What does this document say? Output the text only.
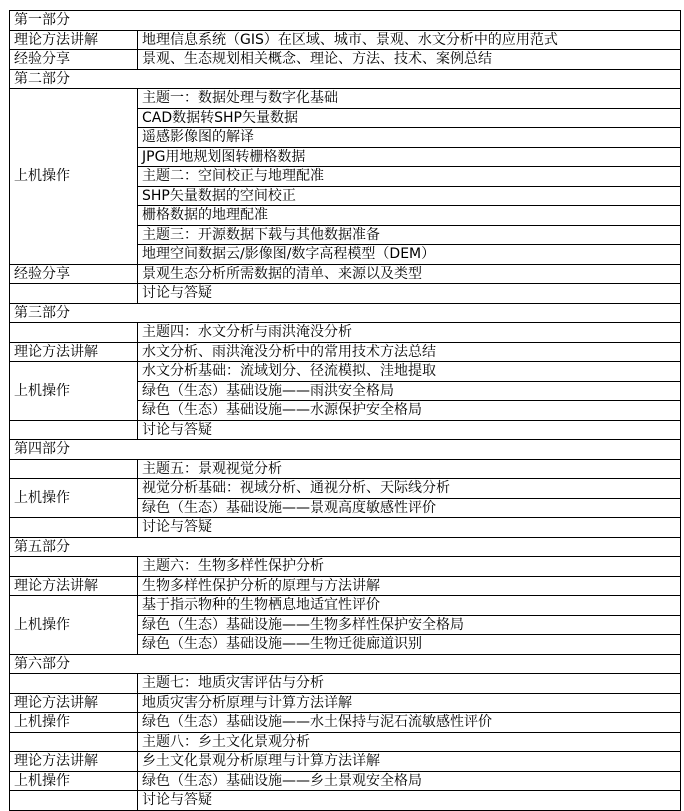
第一部分	
理论方法讲解	地理信息系统（GIS）在区域、城市、景观、水文分析中的应用范式
经验分享	景观、生态规划相关概念、理论、方法、技术、案例总结
第二部分	
上机操作	主题一：数据处理与数字化基础
	CAD数据转SHP矢量数据
	遥感影像图的解译
	JPG用地规划图转栅格数据
	主题二：空间校正与地理配准
	SHP矢量数据的空间校正
	栅格数据的地理配准
	主题三：开源数据下载与其他数据准备
	地理空间数据云/影像图/数字高程模型（DEM）
经验分享	景观生态分析所需数据的清单、来源以及类型
	讨论与答疑
第三部分	
	主题四：水文分析与雨洪淹没分析
理论方法讲解	水文分析、雨洪淹没分析中的常用技术方法总结
上机操作	水文分析基础：流域划分、径流模拟、洼地提取
	绿色（生态）基础设施——雨洪安全格局
	绿色（生态）基础设施——水源保护安全格局
	讨论与答疑
第四部分	
	主题五：景观视觉分析
上机操作	视觉分析基础：视域分析、通视分析、天际线分析
	绿色（生态）基础设施——景观高度敏感性评价
	讨论与答疑
第五部分	
	主题六：生物多样性保护分析
理论方法讲解	生物多样性保护分析的原理与方法讲解
上机操作	基于指示物种的生物栖息地适宜性评价
	绿色（生态）基础设施——生物多样性保护安全格局
	绿色（生态）基础设施——生物迁徙廊道识别
第六部分	
	主题七：地质灾害评估与分析
理论方法讲解	地质灾害分析原理与计算方法详解
上机操作	绿色（生态）基础设施——水土保持与泥石流敏感性评价
	主题八：乡土文化景观分析
理论方法讲解	乡土文化景观分析原理与计算方法详解
上机操作	绿色（生态）基础设施——乡土景观安全格局
	讨论与答疑
